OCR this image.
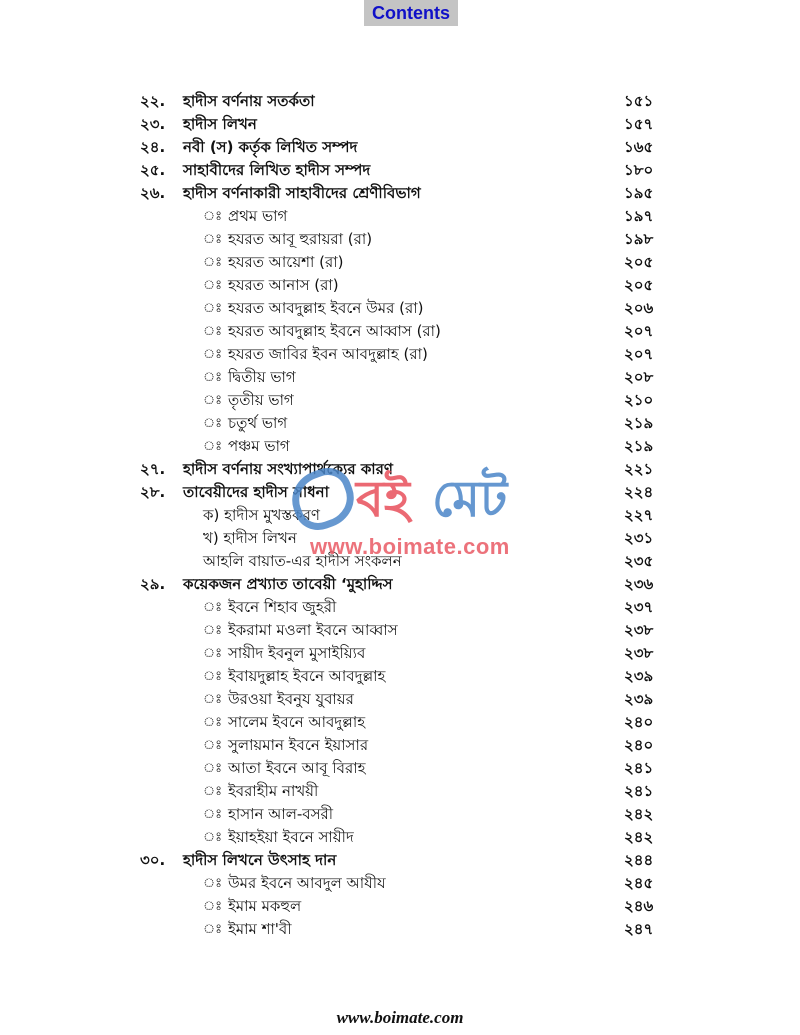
Contents
২২. হাদীস বর্ণনায় সতর্কতা	১৫১
২৩. হাদীস লিখন	১৫৭
২৪. নবী (স) কর্তৃক লিখিত সম্পদ	১৬৫
২৫. সাহাবীদের লিখিত হাদীস সম্পদ	১৮০
২৬. হাদীস বর্ণনাকারী সাহাবীদের শ্রেণীবিভাগ	১৯৫
ঃ প্রথম ভাগ	১৯৭
ঃ হযরত আবূ হুরায়রা (রা)	১৯৮
ঃ হযরত আয়েশা (রা)	২০৫
ঃ হযরত আনাস (রা)	২০৫
ঃ হযরত আবদুল্লাহ ইবনে উমর (রা)	২০৬
ঃ হযরত আবদুল্লাহ ইবনে আব্বাস (রা)	২০৭
ঃ হযরত জাবির ইবন আবদুল্লাহ (রা)	২০৭
ঃ দ্বিতীয় ভাগ	২০৮
ঃ তৃতীয় ভাগ	২১০
ঃ চতুর্থ ভাগ	২১৯
ঃ পঞ্চম ভাগ	২১৯
২৭. হাদীস বর্ণনায় সংখ্যাপার্থক্যের কারণ	২২১
২৮. তাবেয়ীদের হাদীস সাধনা	২২৪
ক) হাদীস মুখস্তকরণ	২২৭
খ) হাদীস লিখন	২৩১
আহলি বায়াত-এর হাদীস সংকলন	২৩৫
২৯. কয়েকজন প্রখ্যাত তাবেয়ী ‘মুহাদ্দিস	২৩৬
ঃ ইবনে শিহাব জুহরী	২৩৭
ঃ ইকরামা মওলা ইবনে আব্বাস	২৩৮
ঃ সায়ীদ ইবনুল মুসাইয়্যিব	২৩৮
ঃ ইবায়দুল্লাহ ইবনে আবদুল্লাহ	২৩৯
ঃ উরওয়া ইবনুয যুবায়র	২৩৯
ঃ সালেম ইবনে আবদুল্লাহ	২৪০
ঃ সুলায়মান ইবনে ইয়াসার	২৪০
ঃ আতা ইবনে আবূ বিরাহ	২৪১
ঃ ইবরাহীম নাখয়ী	২৪১
ঃ হাসান আল-বসরী	২৪২
ঃ ইয়াহইয়া ইবনে সায়ীদ	২৪২
৩০. হাদীস লিখনে উৎসাহ দান	২৪৪
ঃ উমর ইবনে আবদুল আযীয	২৪৫
ঃ ইমাম মকহুল	২৪৬
ঃ ইমাম শা'বী	২৪৭
বই মেট
www.boimate.com
www.boimate.com
